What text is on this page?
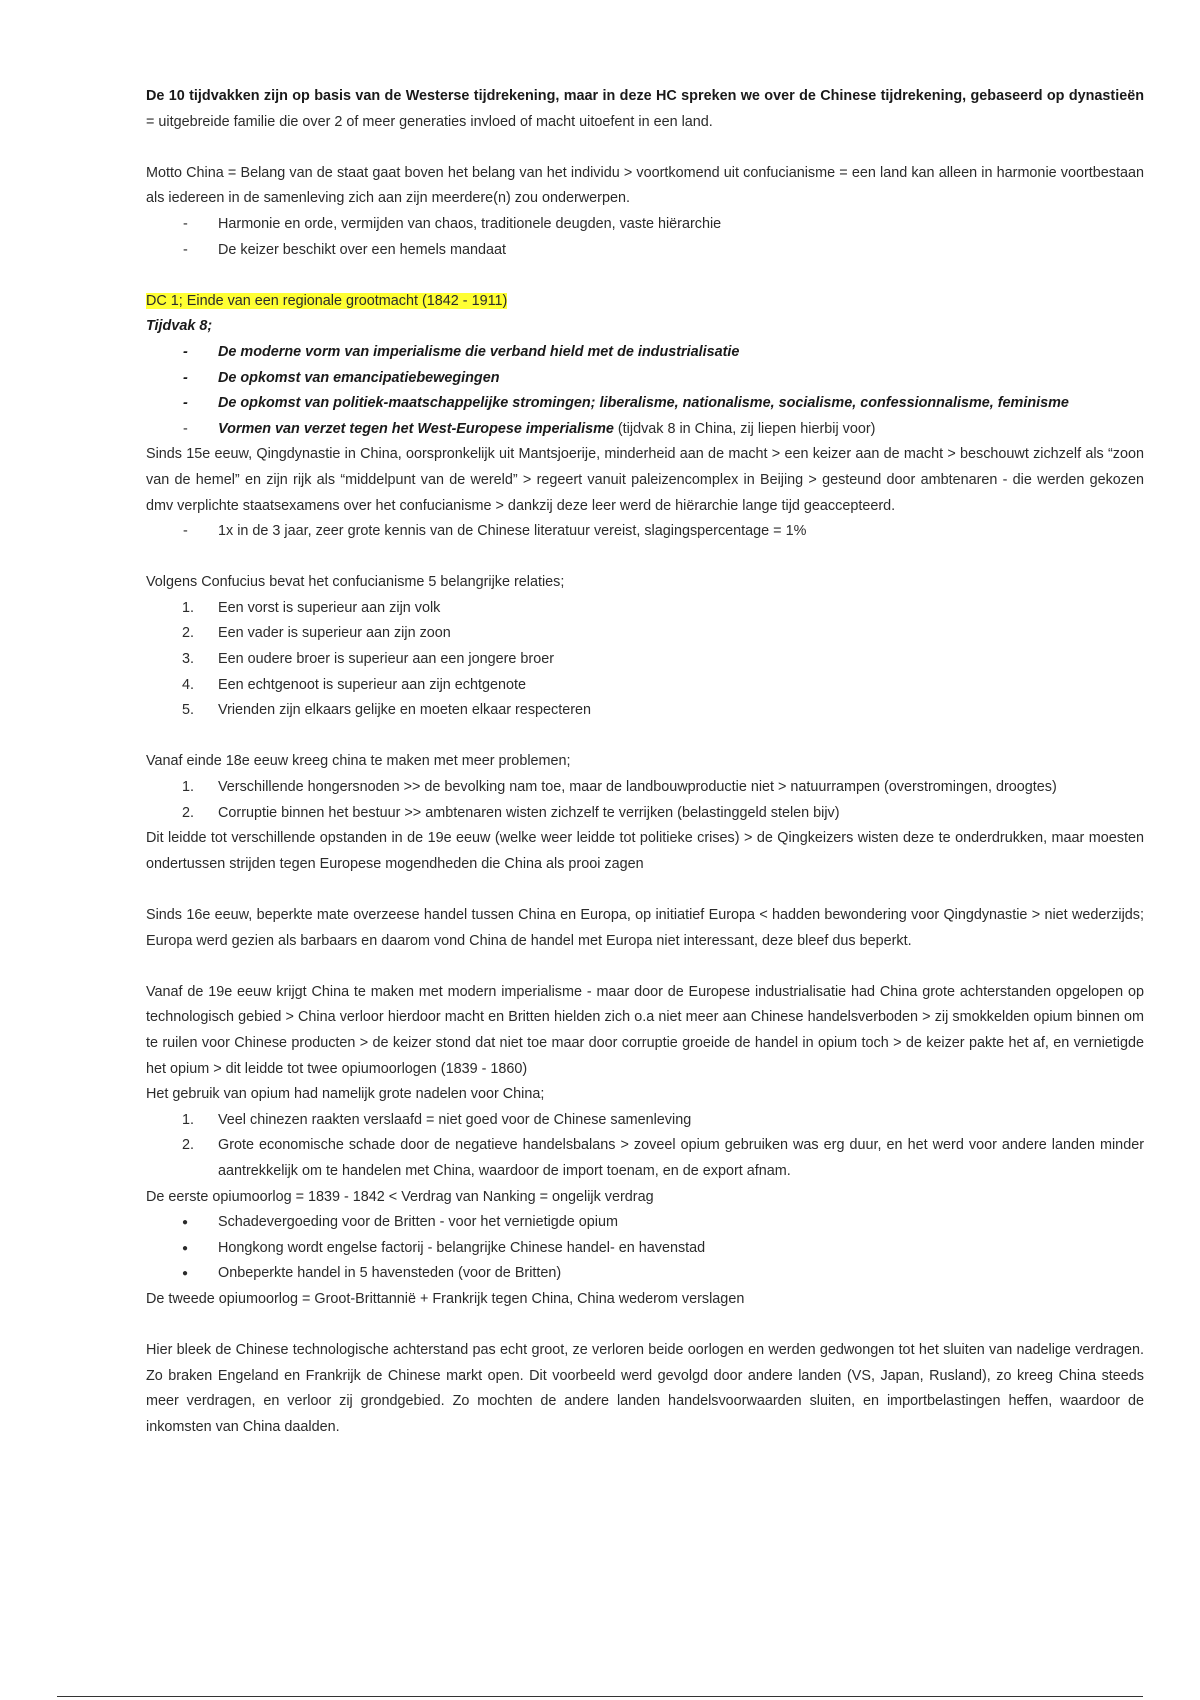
De 10 tijdvakken zijn op basis van de Westerse tijdrekening, maar in deze HC spreken we over de Chinese tijdrekening, gebaseerd op dynastieën = uitgebreide familie die over 2 of meer generaties invloed of macht uitoefent in een land.

Motto China = Belang van de staat gaat boven het belang van het individu > voortkomend uit confucianisme = een land kan alleen in harmonie voortbestaan als iedereen in de samenleving zich aan zijn meerdere(n) zou onderwerpen.

- Harmonie en orde, vermijden van chaos, traditionele deugden, vaste hiërarchie
- De keizer beschikt over een hemels mandaat

DC 1; Einde van een regionale grootmacht (1842 - 1911)

Tijdvak 8;

- De moderne vorm van imperialisme die verband hield met de industrialisatie
- De opkomst van emancipatiebewegingen
- De opkomst van politiek-maatschappelijke stromingen; liberalisme, nationalisme, socialisme, confessionnalisme, feminisme
- Vormen van verzet tegen het West-Europese imperialisme (tijdvak 8 in China, zij liepen hierbij voor)

Sinds 15e eeuw, Qingdynastie in China, oorspronkelijk uit Mantsjoerije, minderheid aan de macht > een keizer aan de macht > beschouwt zichzelf als “zoon van de hemel” en zijn rijk als “middelpunt van de wereld” > regeert vanuit paleizencomplex in Beijing > gesteund door ambtenaren - die werden gekozen dmv verplichte staatsexamens over het confucianisme > dankzij deze leer werd de hiërarchie lange tijd geaccepteerd.

- 1x in de 3 jaar, zeer grote kennis van de Chinese literatuur vereist, slagingspercentage = 1%

Volgens Confucius bevat het confucianisme 5 belangrijke relaties;

1. Een vorst is superieur aan zijn volk
2. Een vader is superieur aan zijn zoon
3. Een oudere broer is superieur aan een jongere broer
4. Een echtgenoot is superieur aan zijn echtgenote
5. Vrienden zijn elkaars gelijke en moeten elkaar respecteren

Vanaf einde 18e eeuw kreeg china te maken met meer problemen;

1. Verschillende hongersnoden >> de bevolking nam toe, maar de landbouwproductie niet > natuurrampen (overstromingen, droogtes)
2. Corruptie binnen het bestuur >> ambtenaren wisten zichzelf te verrijken (belastinggeld stelen bijv)

Dit leidde tot verschillende opstanden in de 19e eeuw (welke weer leidde tot politieke crises) > de Qingkeizers wisten deze te onderdrukken, maar moesten ondertussen strijden tegen Europese mogendheden die China als prooi zagen

Sinds 16e eeuw, beperkte mate overzeese handel tussen China en Europa, op initiatief Europa < hadden bewondering voor Qingdynastie > niet wederzijds; Europa werd gezien als barbaars en daarom vond China de handel met Europa niet interessant, deze bleef dus beperkt.

Vanaf de 19e eeuw krijgt China te maken met modern imperialisme - maar door de Europese industrialisatie had China grote achterstanden opgelopen op technologisch gebied > China verloor hierdoor macht en Britten hielden zich o.a niet meer aan Chinese handelsverboden > zij smokkelden opium binnen om te ruilen voor Chinese producten > de keizer stond dat niet toe maar door corruptie groeide de handel in opium toch > de keizer pakte het af, en vernietigde het opium > dit leidde tot twee opiumoorlogen (1839 - 1860)

Het gebruik van opium had namelijk grote nadelen voor China;

1. Veel chinezen raakten verslaafd = niet goed voor de Chinese samenleving
2. Grote economische schade door de negatieve handelsbalans > zoveel opium gebruiken was erg duur, en het werd voor andere landen minder aantrekkelijk om te handelen met China, waardoor de import toenam, en de export afnam.

De eerste opiumoorlog = 1839 - 1842 < Verdrag van Nanking = ongelijk verdrag

● Schadevergoeding voor de Britten - voor het vernietigde opium
● Hongkong wordt engelse factorij - belangrijke Chinese handel- en havenstad
● Onbeperkte handel in 5 havensteden (voor de Britten)

De tweede opiumoorlog = Groot-Brittannië + Frankrijk tegen China, China wederom verslagen

Hier bleek de Chinese technologische achterstand pas echt groot, ze verloren beide oorlogen en werden gedwongen tot het sluiten van nadelige verdragen. Zo braken Engeland en Frankrijk de Chinese markt open. Dit voorbeeld werd gevolgd door andere landen (VS, Japan, Rusland), zo kreeg China steeds meer verdragen, en verloor zij grondgebied. Zo mochten de andere landen handelsvoorwaarden sluiten, en importbelastingen heffen, waardoor de inkomsten van China daalden.
